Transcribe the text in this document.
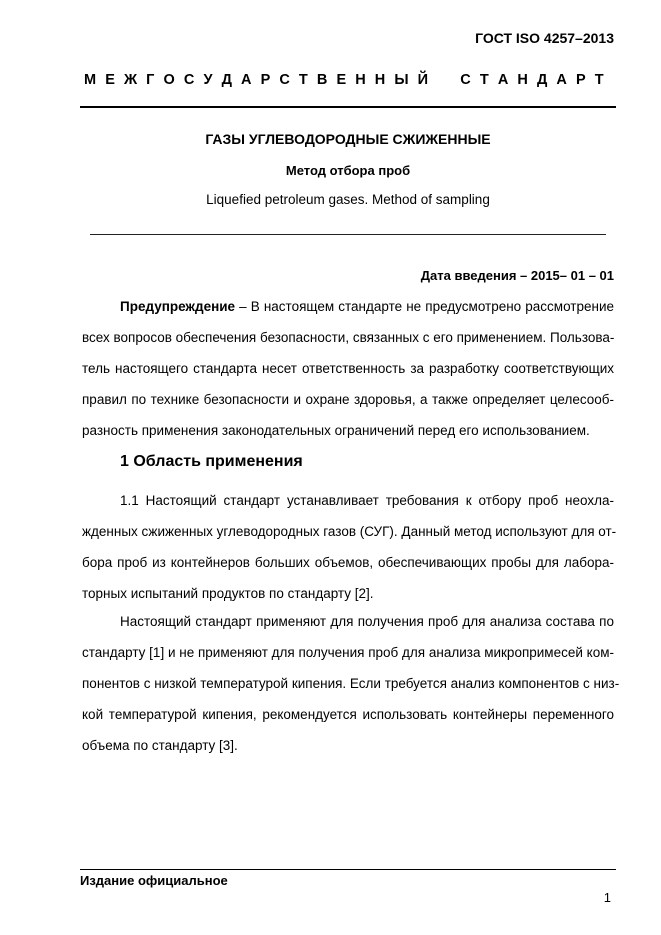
ГОСТ ISO 4257–2013
М Е Ж Г О С У Д А Р С Т В Е Н Н Ы Й С Т А Н Д А Р Т
ГАЗЫ УГЛЕВОДОРОДНЫЕ СЖИЖЕННЫЕ
Метод отбора проб
Liquefied petroleum gases. Method of sampling
Дата введения – 2015– 01 – 01
Предупреждение – В настоящем стандарте не предусмотрено рассмотрение
всех вопросов обеспечения безопасности, связанных с его применением. Пользова-
тель настоящего стандарта несет ответственность за разработку соответствующих
правил по технике безопасности и охране здоровья, а также определяет целесооб-
разность применения законодательных ограничений перед его использованием.
1 Область применения
1.1 Настоящий стандарт устанавливает требования к отбору проб неохла-
жденных сжиженных углеводородных газов (СУГ). Данный метод используют для от-
бора проб из контейнеров больших объемов, обеспечивающих пробы для лабора-
торных испытаний продуктов по стандарту [2].
Настоящий стандарт применяют для получения проб для анализа состава по
стандарту [1] и не применяют для получения проб для анализа микропримесей ком-
понентов с низкой температурой кипения. Если требуется анализ компонентов с низ-
кой температурой кипения, рекомендуется использовать контейнеры переменного
объема по стандарту [3].
Издание официальное
1
